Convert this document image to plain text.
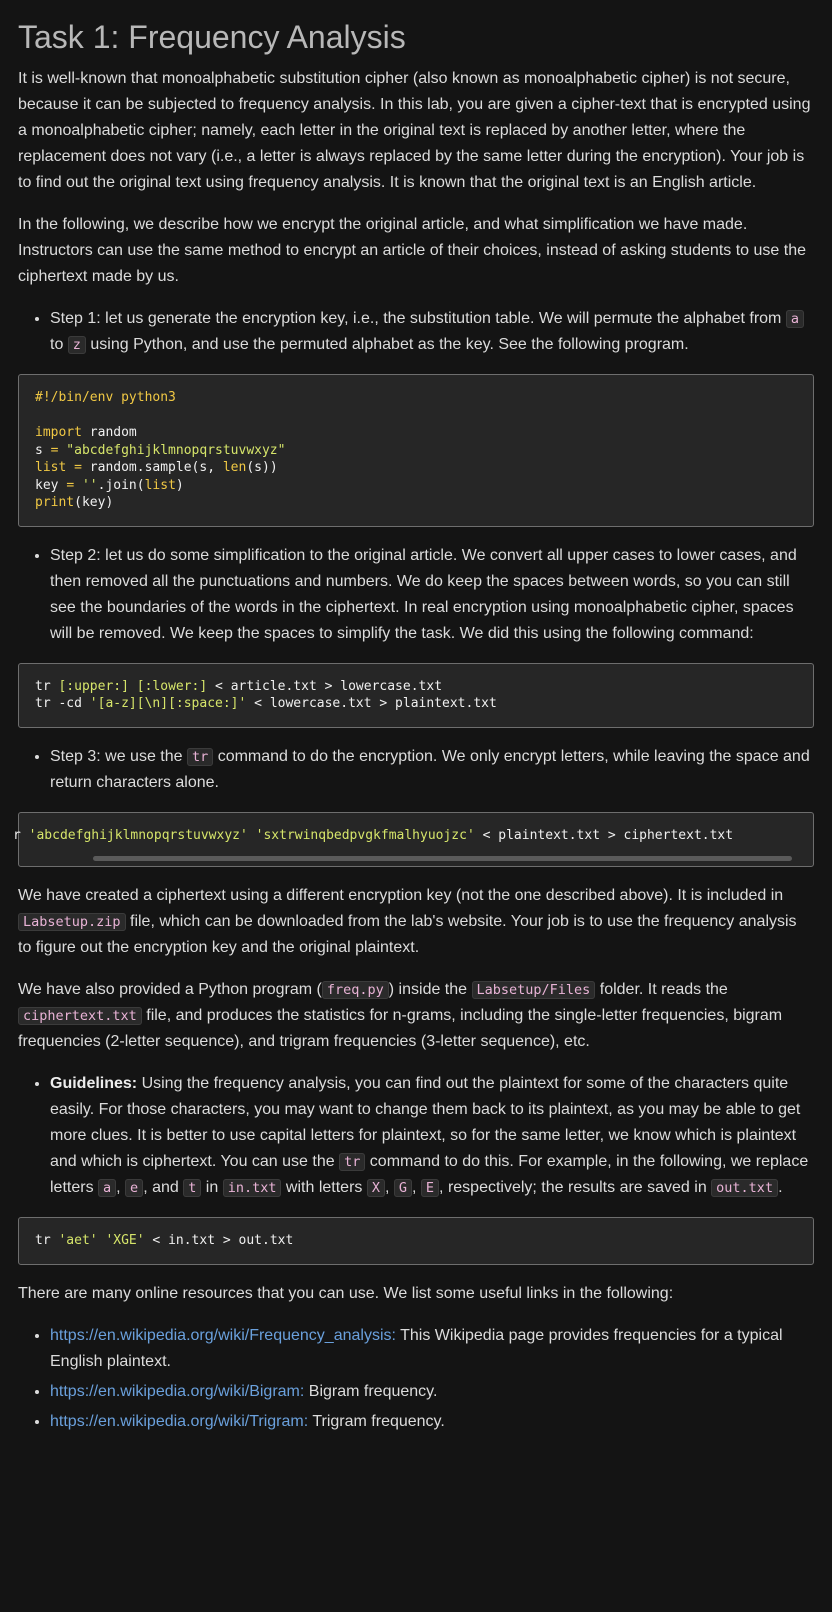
Task 1: Frequency Analysis

It is well-known that monoalphabetic substitution cipher (also known as monoalphabetic cipher) is not secure, because it can be subjected to frequency analysis. In this lab, you are given a cipher-text that is encrypted using a monoalphabetic cipher; namely, each letter in the original text is replaced by another letter, where the replacement does not vary (i.e., a letter is always replaced by the same letter during the encryption). Your job is to find out the original text using frequency analysis. It is known that the original text is an English article.

In the following, we describe how we encrypt the original article, and what simplification we have made. Instructors can use the same method to encrypt an article of their choices, instead of asking students to use the ciphertext made by us.

• Step 1: let us generate the encryption key, i.e., the substitution table. We will permute the alphabet from a to z using Python, and use the permuted alphabet as the key. See the following program.
#!/bin/env python3

import random
s = "abcdefghijklmnopqrstuvwxyz"
list = random.sample(s, len(s))
key = ''.join(list)
print(key)
• Step 2: let us do some simplification to the original article. We convert all upper cases to lower cases, and then removed all the punctuations and numbers. We do keep the spaces between words, so you can still see the boundaries of the words in the ciphertext. In real encryption using monoalphabetic cipher, spaces will be removed. We keep the spaces to simplify the task. We did this using the following command:
tr [:upper:] [:lower:] < article.txt > lowercase.txt
tr -cd '[a-z][\n][:space:]' < lowercase.txt > plaintext.txt
• Step 3: we use the tr command to do the encryption. We only encrypt letters, while leaving the space and return characters alone.
r 'abcdefghijklmnopqrstuvwxyz' 'sxtrwinqbedpvgkfmalhyuojzc' < plaintext.txt > ciphertext.txt

We have created a ciphertext using a different encryption key (not the one described above). It is included in Labsetup.zip file, which can be downloaded from the lab's website. Your job is to use the frequency analysis to figure out the encryption key and the original plaintext.

We have also provided a Python program ( freq.py ) inside the Labsetup/Files folder. It reads the ciphertext.txt file, and produces the statistics for n-grams, including the single-letter frequencies, bigram frequencies (2-letter sequence), and trigram frequencies (3-letter sequence), etc.

• Guidelines: Using the frequency analysis, you can find out the plaintext for some of the characters quite easily. For those characters, you may want to change them back to its plaintext, as you may be able to get more clues. It is better to use capital letters for plaintext, so for the same letter, we know which is plaintext and which is ciphertext. You can use the tr command to do this. For example, in the following, we replace letters a , e , and t in in.txt with letters X , G , E , respectively; the results are saved in out.txt .
tr 'aet' 'XGE' < in.txt > out.txt

There are many online resources that you can use. We list some useful links in the following:

• https://en.wikipedia.org/wiki/Frequency_analysis: This Wikipedia page provides frequencies for a typical English plaintext.
• https://en.wikipedia.org/wiki/Bigram: Bigram frequency.
• https://en.wikipedia.org/wiki/Trigram: Trigram frequency.
